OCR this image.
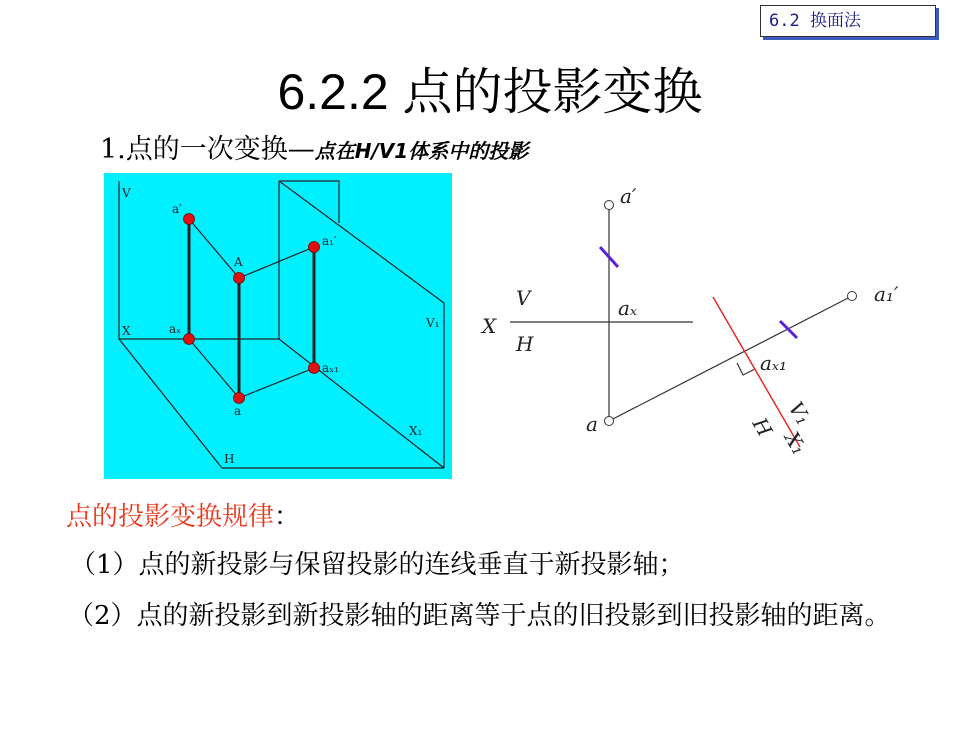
6.2 换面法
6.2.2 点的投影变换
1.点的一次变换—点在H/V1体系中的投影
V
X
H
V₁
X₁
a′
A
aₓ
a
a₁′
aₓ₁
a′
a₁′
X
V
H
aₓ
aₓ₁
a	V₁
H
X₁
点的投影变换规律：
（1）点的新投影与保留投影的连线垂直于新投影轴；
（2）点的新投影到新投影轴的距离等于点的旧投影到旧投影轴的距离。
